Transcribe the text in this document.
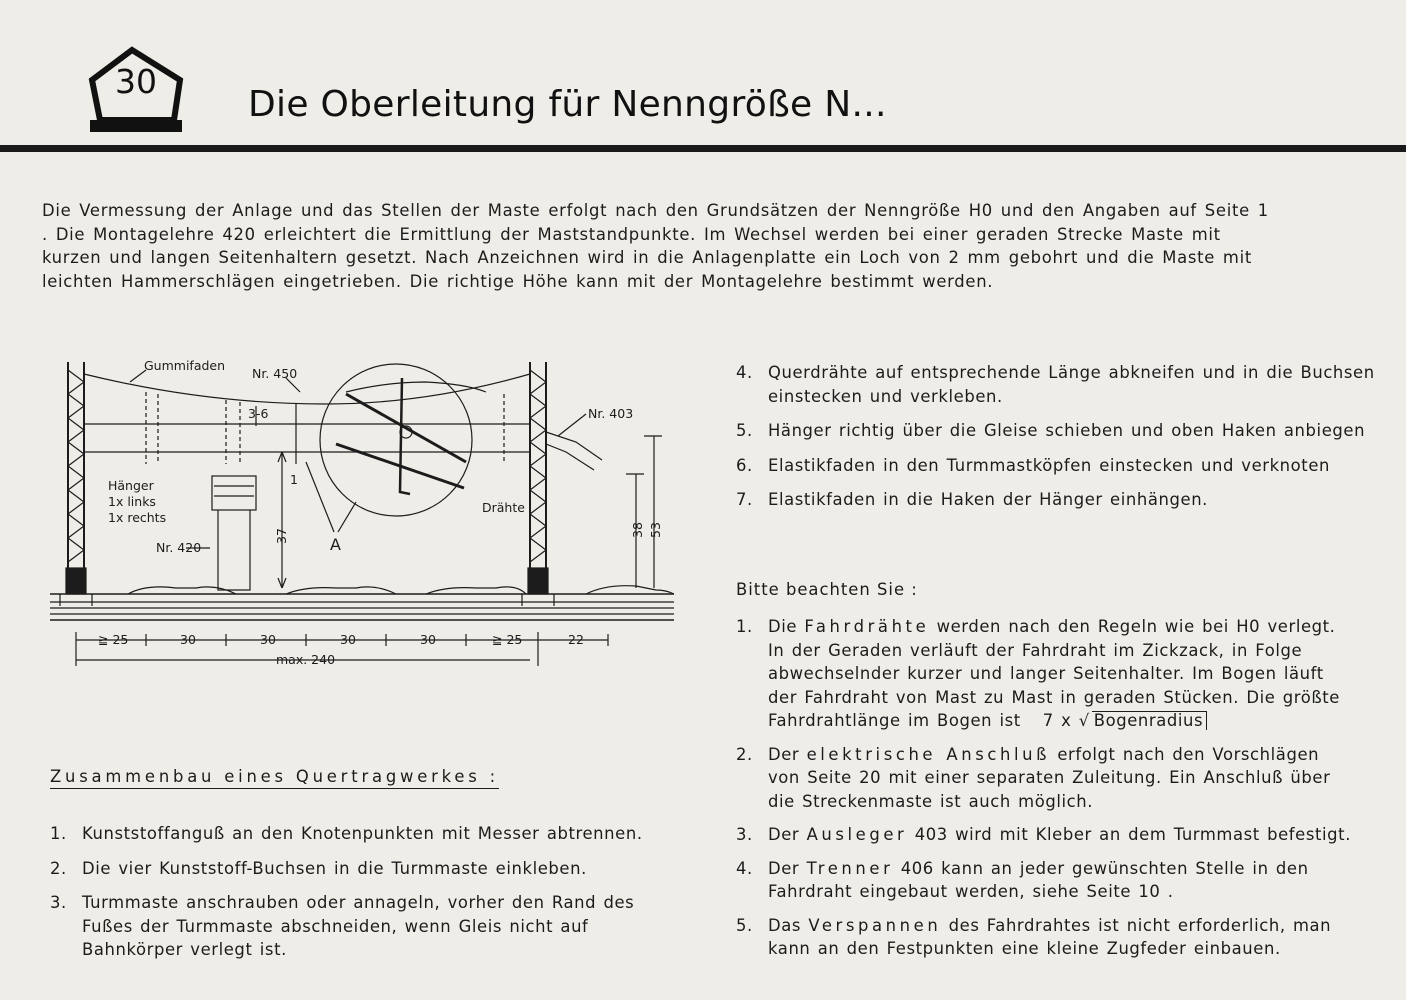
30
Die Oberleitung für Nenngröße N...

Die Vermessung der Anlage und das Stellen der Maste erfolgt nach den Grundsätzen der Nenngröße H0 und den Angaben auf Seite 1 . Die Montagelehre 420 erleichtert die Ermittlung der Maststandpunkte. Im Wechsel werden bei einer geraden Strecke Maste mit kurzen und langen Seitenhaltern gesetzt. Nach Anzeichnen wird in die Anlagenplatte ein Loch von 2 mm gebohrt und die Maste mit leichten Hammerschlägen eingetrieben. Die richtige Höhe kann mit der Montagelehre bestimmt werden.

Gummifaden
Nr. 450
3-6
1
Nr. 403
Hänger
1x links
1x rechts
Drähte
Nr. 420
37	A
38 53
≧ 25	30	30	30	30	≧ 25	22
max. 240
4. Querdrähte auf entsprechende Länge abkneifen und in die Buchsen einstecken und verkleben.
5. Hänger richtig über die Gleise schieben und oben Haken anbiegen
6. Elastikfaden in den Turmmastköpfen einstecken und verknoten
7. Elastikfaden in die Haken der Hänger einhängen.
Bitte beachten Sie :
1. Die Fahrdrähte werden nach den Regeln wie bei H0 verlegt. In der Geraden verläuft der Fahrdraht im Zickzack, in Folge abwechselnder kurzer und langer Seitenhalter. Im Bogen läuft der Fahrdraht von Mast zu Mast in geraden Stücken. Die größte Fahrdrahtlänge im Bogen ist 7 x √ Bogenradius
2. Der elektrische Anschluß erfolgt nach den Vorschlägen von Seite 20 mit einer separaten Zuleitung. Ein Anschluß über die Streckenmaste ist auch möglich.
3. Der Ausleger 403 wird mit Kleber an dem Turmmast befestigt.
4. Der Trenner 406 kann an jeder gewünschten Stelle in den Fahrdraht eingebaut werden, siehe Seite 10 .
5. Das Verspannen des Fahrdrahtes ist nicht erforderlich, man kann an den Festpunkten eine kleine Zugfeder einbauen.
Zusammenbau eines Quertragwerkes :
1. Kunststoffanguß an den Knotenpunkten mit Messer abtrennen.
2. Die vier Kunststoff-Buchsen in die Turmmaste einkleben.
3. Turmmaste anschrauben oder annageln, vorher den Rand des Fußes der Turmmaste abschneiden, wenn Gleis nicht auf Bahnkörper verlegt ist.
